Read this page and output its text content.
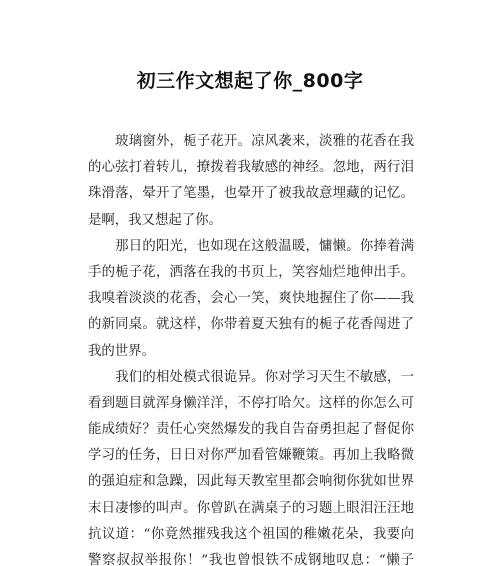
初三作文想起了你_800字
　　玻璃窗外，栀子花开。凉风袭来，淡雅的花香在我
的心弦打着转儿，撩拨着我敏感的神经。忽地，两行泪
珠滑落，晕开了笔墨，也晕开了被我故意埋藏的记忆。
是啊，我又想起了你。
　　那日的阳光，也如现在这般温暖，慵懒。你捧着满
手的栀子花，洒落在我的书页上，笑容灿烂地伸出手。
我嗅着淡淡的花香，会心一笑，爽快地握住了你——我
的新同桌。就这样，你带着夏天独有的栀子花香闯进了
我的世界。
　　我们的相处模式很诡异。你对学习天生不敏感，一
看到题目就浑身懒洋洋，不停打哈欠。这样的你怎么可
能成绩好？责任心突然爆发的我自告奋勇担起了督促你
学习的任务，日日对你严加看管嫌鞭策。再加上我略微
的强迫症和急躁，因此每天教室里都会响彻你犹如世界
末日凄惨的叫声。你曾趴在满桌子的习题上眼泪汪汪地
抗议道：“你竟然摧残我这个祖国的稚嫩花朵，我要向
警察叔叔举报你！”我也曾恨铁不成钢地叹息：“懒子
